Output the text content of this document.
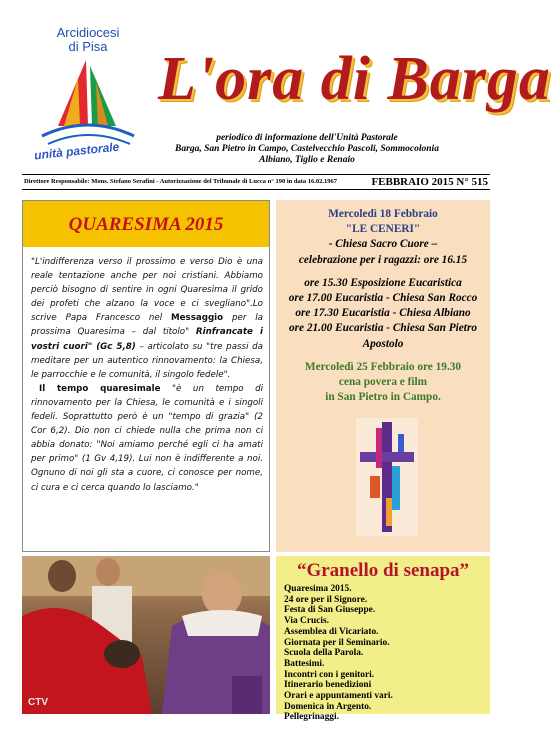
Arcidiocesi
di Pisa
unità pastorale
L'ora di Barga
periodico di informazione dell'Unità Pastorale
Barga, San Pietro in Campo, Castelvecchio Pascoli, Sommocolonia
Albiano, Tiglio e Renaio
Direttore Responsabile: Mons. Stefano Serafini - Autorizzazione del Tribunale di Lucca n° 190 in data 16.02.1967	FEBBRAIO 2015 N° 515
QUARESIMA 2015

"L'indifferenza verso il prossimo e verso Dio è una reale tentazione anche per noi cristiani. Abbiamo perciò bisogno di sentire in ogni Quaresima il grido dei profeti che alzano la voce e ci svegliano".Lo scrive Papa Francesco nel Messaggio per la prossima Quaresima – dal titolo" Rinfrancate i vostri cuori" (Gc 5,8) – articolato su "tre passi da meditare per un autentico rinnovamento: la Chiesa, le parrocchie e le comunità, il singolo fedele".

Il tempo quaresimale "è un tempo di rinnovamento per la Chiesa, le comunità e i singoli fedeli. Soprattutto però è un "tempo di grazia" (2 Cor 6,2). Dio non ci chiede nulla che prima non ci abbia donato: "Noi amiamo perché egli ci ha amati per primo" (1 Gv 4,19). Lui non è indifferente a noi. Ognuno di noi gli sta a cuore, ci conosce per nome, ci cura e ci cerca quando lo lasciamo."

Mercoledì 18 Febbraio
"LE CENERI"
- Chiesa Sacro Cuore –
celebrazione per i ragazzi: ore 16.15
ore 15.30 Esposizione Eucaristica
ore 17.00 Eucaristia - Chiesa San Rocco
ore 17.30 Eucaristia - Chiesa Albiano
ore 21.00 Eucaristia - Chiesa San Pietro
Apostolo
Mercoledì 25 Febbraio ore 19.30
cena povera e film
in San Pietro in Campo.
CTV
“Granello di senapa”
Quaresima 2015.
24 ore per il Signore.
Festa di San Giuseppe.
Via Crucis.
Assemblea di Vicariato.
Giornata per il Seminario.
Scuola della Parola.
Battesimi.
Incontri con i genitori.
Itinerario benedizioni
Orari e appuntamenti vari.
Domenica in Argento.
Pellegrinaggi.
